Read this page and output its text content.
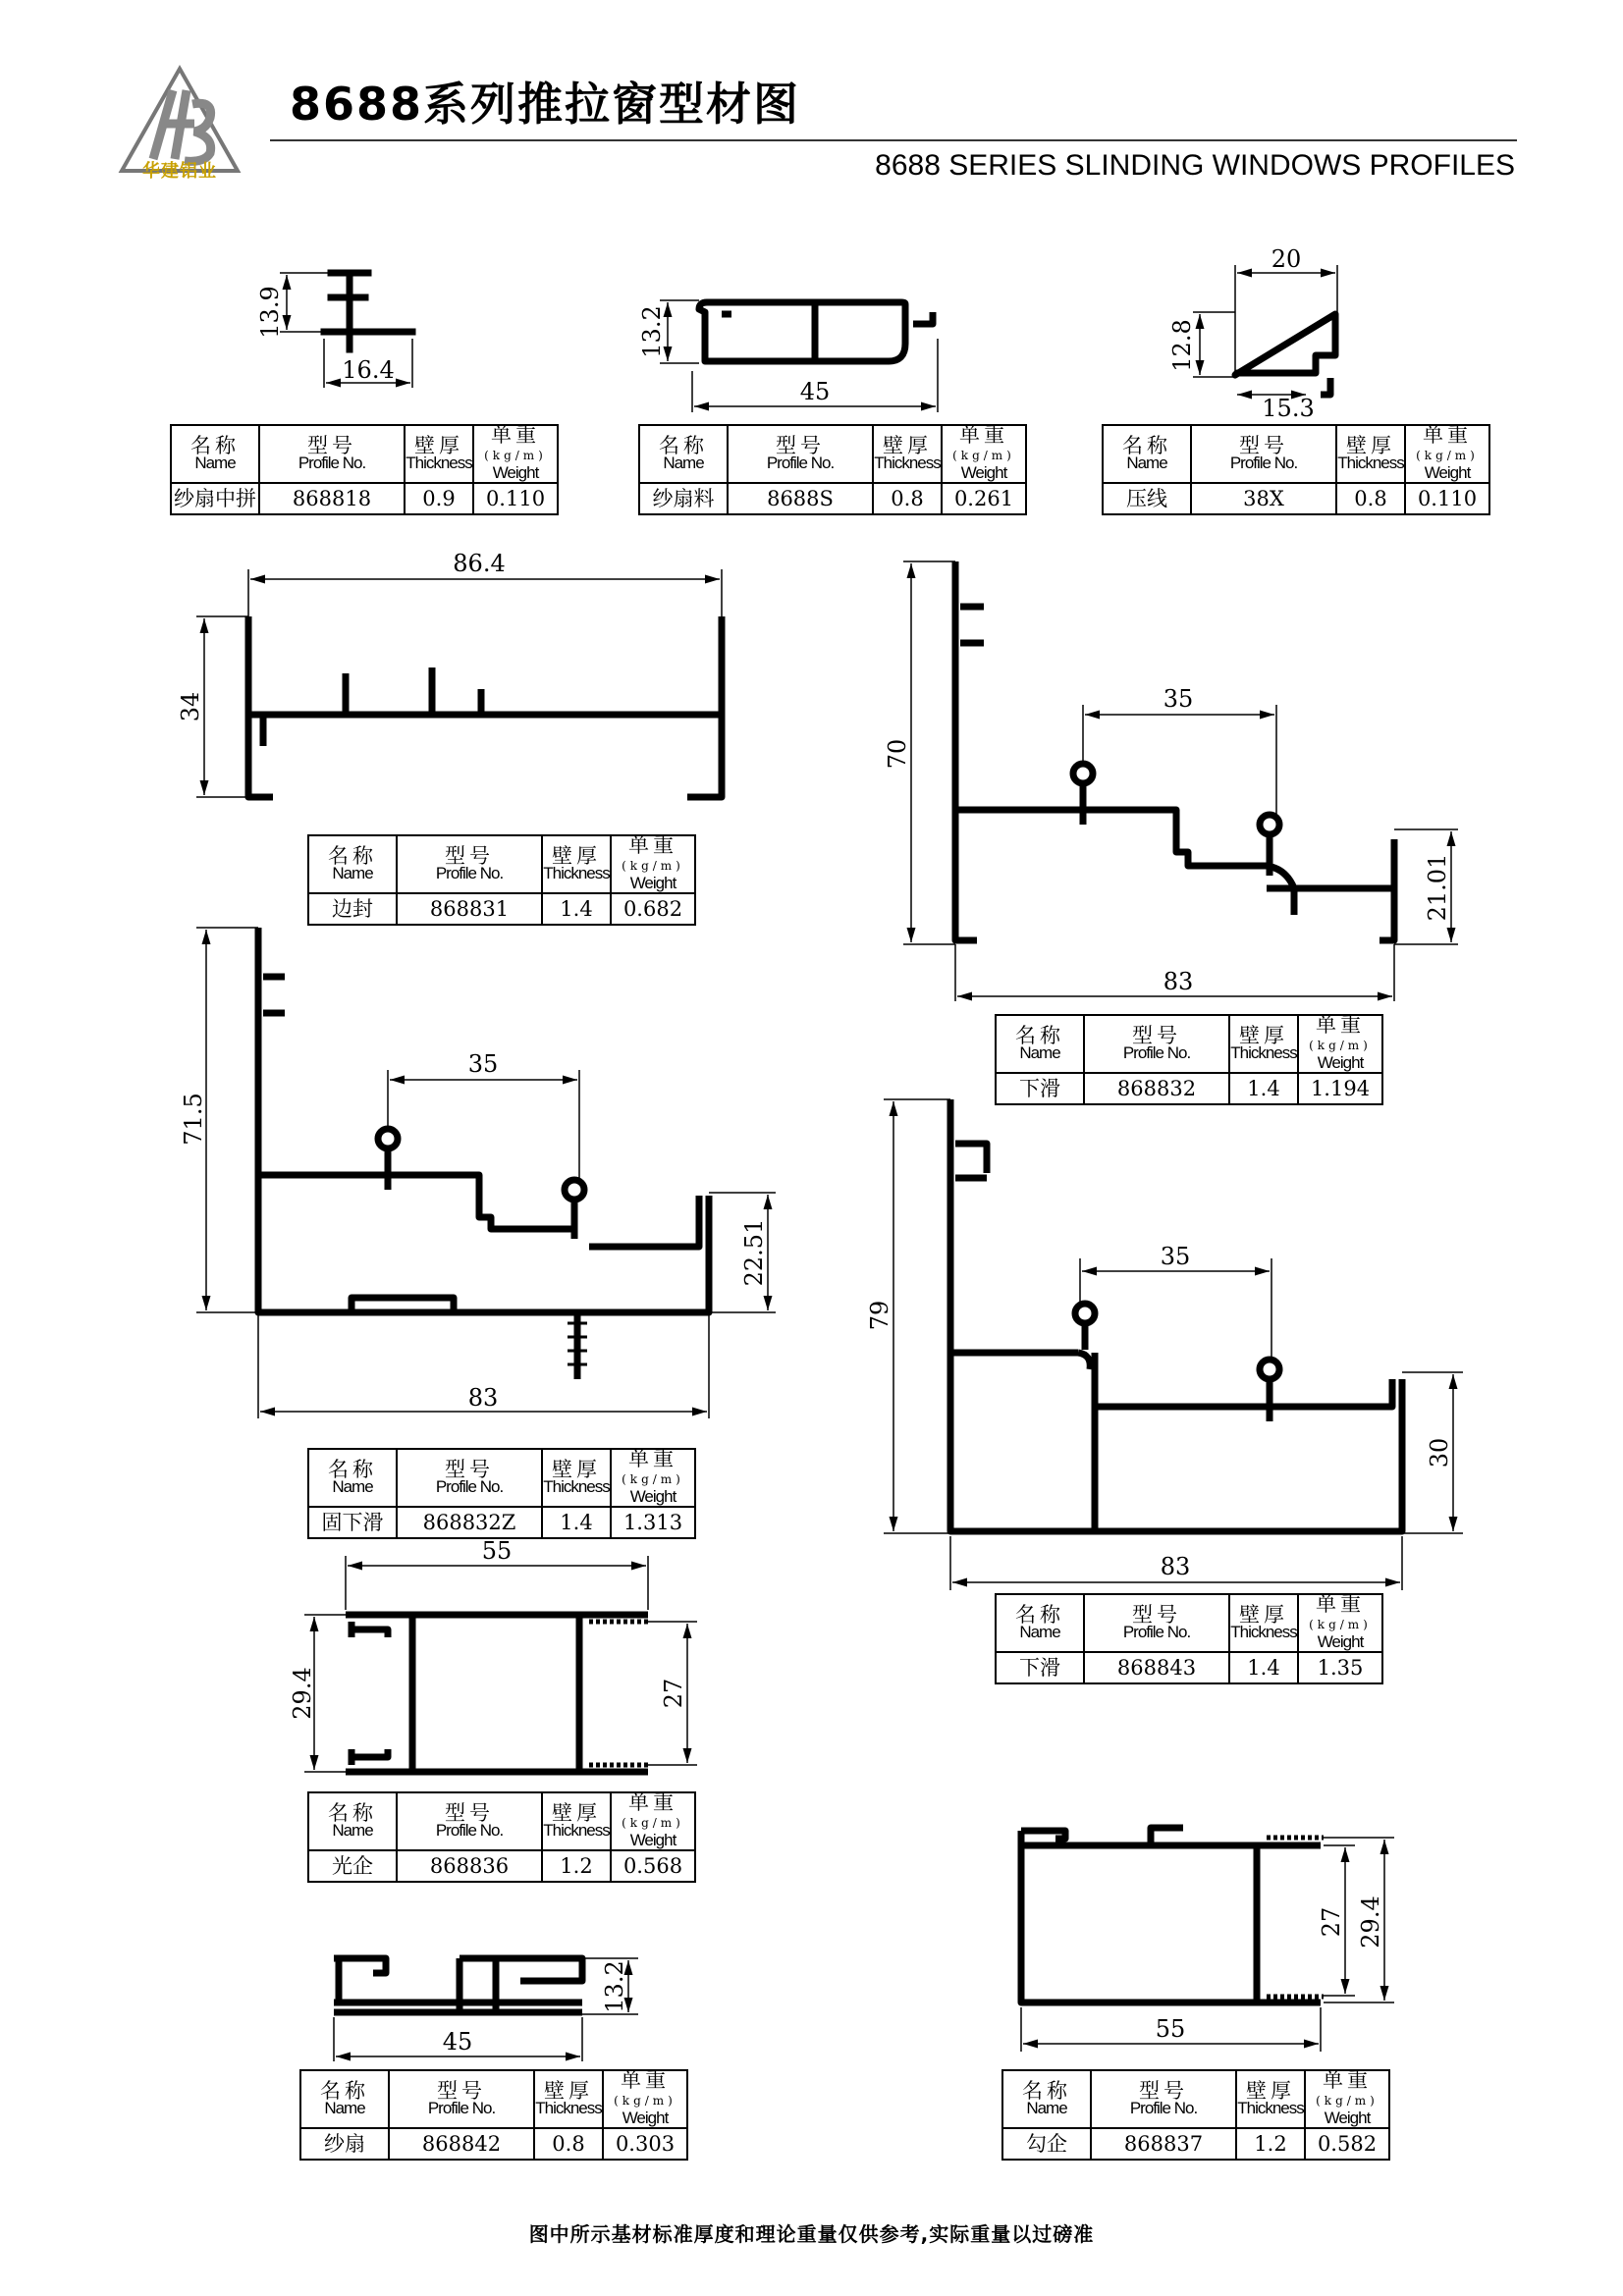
华建铝业
8688系列推拉窗型材图
8688 SERIES SLINDING WINDOWS PROFILES
13.9
16.4
13.2
45
20
12.8
15.3
86.4
34	35
70
21.01
83
35
71.5
22.51
83
35
79
30
83
55
29.4	27
13.2
45
27 29.4
55
名称
Name	型号
Profile No.	壁厚
Thickness	单重(kg/m)
Weight

纱扇中拼	868818	0.9	0.110
名称
Name	型号
Profile No.	壁厚
Thickness	单重(kg/m)
Weight

纱扇料	8688S	0.8	0.261
名称
Name	型号
Profile No.	壁厚
Thickness	单重(kg/m)
Weight

压线	38X	0.8	0.110
名称
Name	型号
Profile No.	壁厚
Thickness	单重(kg/m)
Weight

边封	868831	1.4	0.682
名称
Name	型号
Profile No.	壁厚
Thickness	单重(kg/m)
Weight

下滑	868832	1.4	1.194
名称
Name	型号
Profile No.	壁厚
Thickness	单重(kg/m)
Weight

固下滑	868832Z	1.4	1.313
名称
Name	型号
Profile No.	壁厚
Thickness	单重(kg/m)
Weight

下滑	868843	1.4	1.35
名称
Name	型号
Profile No.	壁厚
Thickness	单重(kg/m)
Weight

光企	868836	1.2	0.568
名称
Name	型号
Profile No.	壁厚
Thickness	单重(kg/m)
Weight

纱扇	868842	0.8	0.303
名称
Name	型号
Profile No.	壁厚
Thickness	单重(kg/m)
Weight

勾企	868837	1.2	0.582
图中所示基材标准厚度和理论重量仅供参考,实际重量以过磅准
